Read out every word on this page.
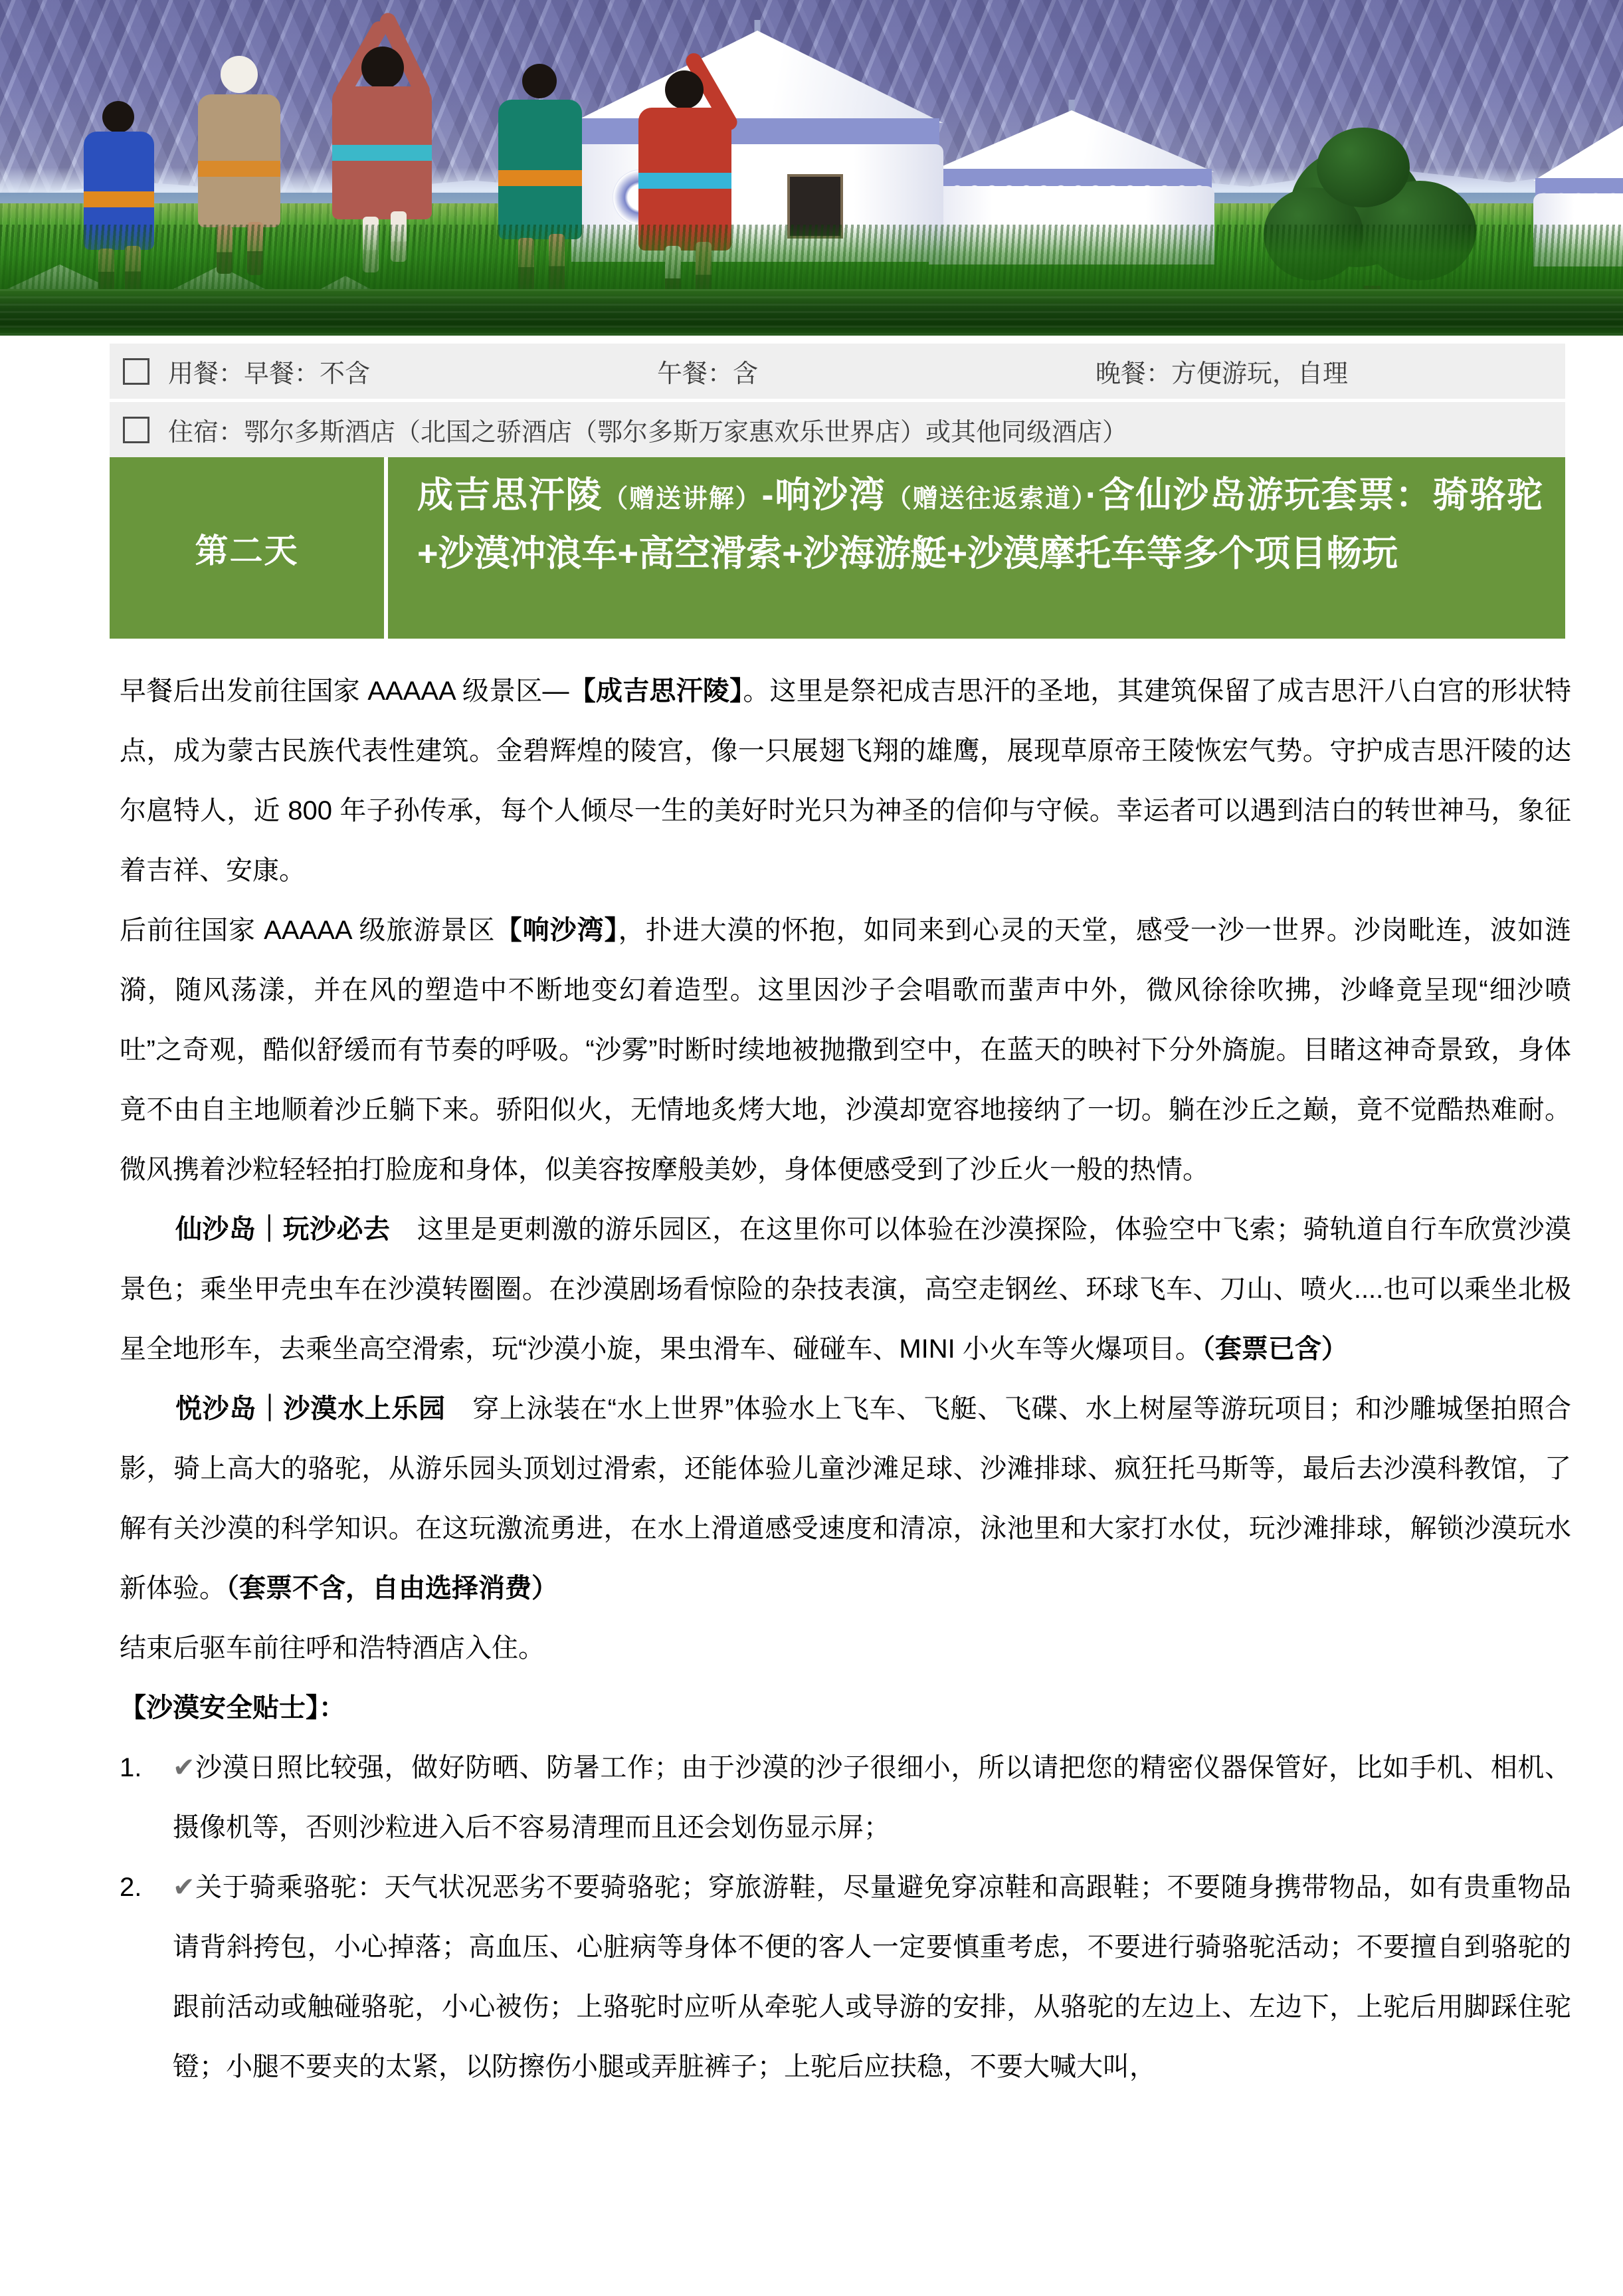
用餐：早餐：不含	午餐：含	晚餐：方便游玩，自理
住宿：鄂尔多斯酒店（北国之骄酒店（鄂尔多斯万家惠欢乐世界店）或其他同级酒店）
第二天
成吉思汗陵（赠送讲解）-响沙湾（赠送往返索道）·含仙沙岛游玩套票：骑骆驼+沙漠冲浪车+高空滑索+沙海游艇+沙漠摩托车等多个项目畅玩

早餐后出发前往国家 AAAAA 级景区—【成吉思汗陵】。这里是祭祀成吉思汗的圣地，其建筑保留了成吉思汗八白宫的形状特点，成为蒙古民族代表性建筑。金碧辉煌的陵宫，像一只展翅飞翔的雄鹰，展现草原帝王陵恢宏气势。守护成吉思汗陵的达尔扈特人，近 800 年子孙传承，每个人倾尽一生的美好时光只为神圣的信仰与守候。幸运者可以遇到洁白的转世神马，象征着吉祥、安康。

后前往国家 AAAAA 级旅游景区【响沙湾】，扑进大漠的怀抱，如同来到心灵的天堂，感受一沙一世界。沙岗毗连，波如涟漪，随风荡漾，并在风的塑造中不断地变幻着造型。这里因沙子会唱歌而蜚声中外，微风徐徐吹拂，沙峰竟呈现“细沙喷吐”之奇观，酷似舒缓而有节奏的呼吸。“沙雾”时断时续地被抛撒到空中，在蓝天的映衬下分外旖旎。目睹这神奇景致，身体竟不由自主地顺着沙丘躺下来。骄阳似火，无情地炙烤大地，沙漠却宽容地接纳了一切。躺在沙丘之巅，竟不觉酷热难耐。微风携着沙粒轻轻拍打脸庞和身体，似美容按摩般美妙，身体便感受到了沙丘火一般的热情。

仙沙岛｜玩沙必去　这里是更刺激的游乐园区，在这里你可以体验在沙漠探险，体验空中飞索；骑轨道自行车欣赏沙漠景色；乘坐甲壳虫车在沙漠转圈圈。在沙漠剧场看惊险的杂技表演，高空走钢丝、环球飞车、刀山、喷火....也可以乘坐北极星全地形车，去乘坐高空滑索，玩“沙漠小旋，果虫滑车、碰碰车、MINI 小火车等火爆项目。（套票已含）

悦沙岛｜沙漠水上乐园　穿上泳装在“水上世界”体验水上飞车、飞艇、飞碟、水上树屋等游玩项目；和沙雕城堡拍照合影，骑上高大的骆驼，从游乐园头顶划过滑索，还能体验儿童沙滩足球、沙滩排球、疯狂托马斯等，最后去沙漠科教馆，了解有关沙漠的科学知识。在这玩激流勇进，在水上滑道感受速度和清凉，泳池里和大家打水仗，玩沙滩排球，解锁沙漠玩水新体验。（套票不含，自由选择消费）

结束后驱车前往呼和浩特酒店入住。

【沙漠安全贴士】：

1.	✔沙漠日照比较强，做好防晒、防暑工作；由于沙漠的沙子很细小，所以请把您的精密仪器保管好，比如手机、相机、摄像机等，否则沙粒进入后不容易清理而且还会划伤显示屏；
2.	✔关于骑乘骆驼：天气状况恶劣不要骑骆驼；穿旅游鞋，尽量避免穿凉鞋和高跟鞋；不要随身携带物品，如有贵重物品请背斜挎包，小心掉落；高血压、心脏病等身体不便的客人一定要慎重考虑，不要进行骑骆驼活动；不要擅自到骆驼的跟前活动或触碰骆驼，小心被伤；上骆驼时应听从牵驼人或导游的安排，从骆驼的左边上、左边下，上驼后用脚踩住驼镫；小腿不要夹的太紧，以防擦伤小腿或弄脏裤子；上驼后应扶稳，不要大喊大叫，
